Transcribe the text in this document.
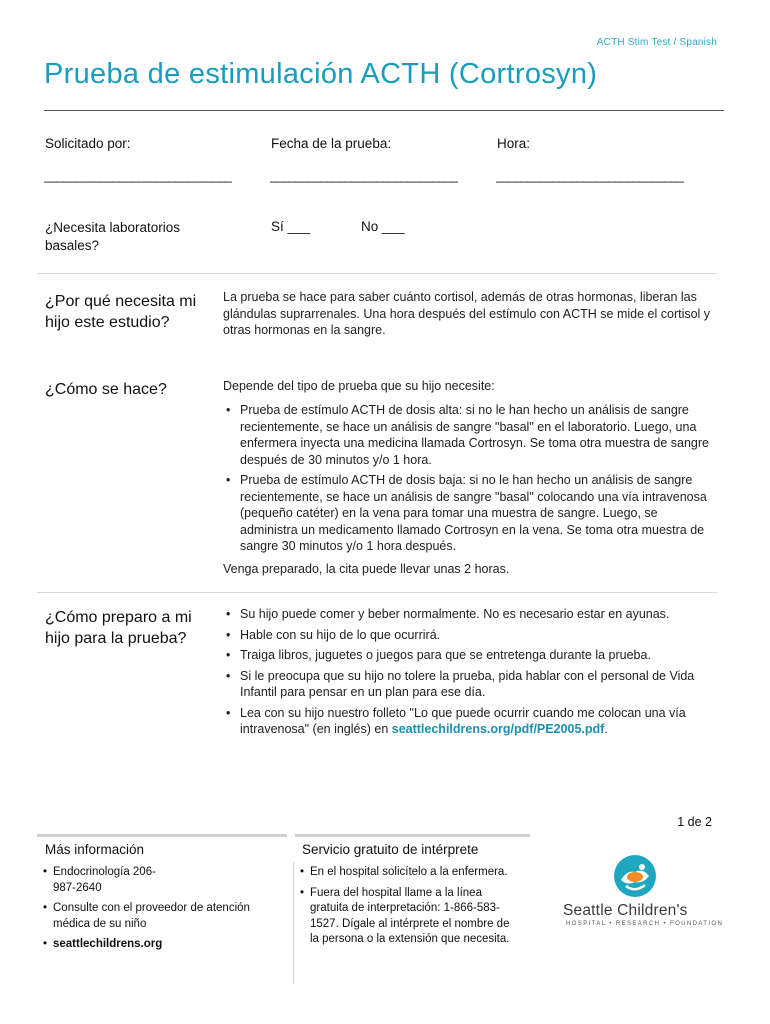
ACTH Stim Test / Spanish
Prueba de estimulación ACTH (Cortrosyn)
Solicitado por:	Fecha de la prueba:	Hora:
______________________________	______________________________	______________________________
¿Necesita laboratorios basales?
Sí ___	No ___
¿Por qué necesita mi hijo este estudio?
La prueba se hace para saber cuánto cortisol, además de otras hormonas, liberan las glándulas suprarrenales. Una hora después del estímulo con ACTH se mide el cortisol y otras hormonas en la sangre.
¿Cómo se hace?	Depende del tipo de prueba que su hijo necesite:
• Prueba de estímulo ACTH de dosis alta: si no le han hecho un análisis de sangre recientemente, se hace un análisis de sangre "basal" en el laboratorio. Luego, una enfermera inyecta una medicina llamada Cortrosyn. Se toma otra muestra de sangre después de 30 minutos y/o 1 hora.
• Prueba de estímulo ACTH de dosis baja: si no le han hecho un análisis de sangre recientemente, se hace un análisis de sangre "basal" colocando una vía intravenosa (pequeño catéter) en la vena para tomar una muestra de sangre. Luego, se administra un medicamento llamado Cortrosyn en la vena. Se toma otra muestra de sangre 30 minutos y/o 1 hora después.
Venga preparado, la cita puede llevar unas 2 horas.
¿Cómo preparo a mi hijo para la prueba?
• Su hijo puede comer y beber normalmente. No es necesario estar en ayunas.
• Hable con su hijo de lo que ocurrirá.
• Traiga libros, juguetes o juegos para que se entretenga durante la prueba.
• Si le preocupa que su hijo no tolere la prueba, pida hablar con el personal de Vida Infantil para pensar en un plan para ese día.
• Lea con su hijo nuestro folleto "Lo que puede ocurrir cuando me colocan una vía intravenosa" (en inglés) en seattlechildrens.org/pdf/PE2005.pdf.
1 de 2
Más información
• Endocrinología 206-987-2640
• Consulte con el proveedor de atención médica de su niño
• seattlechildrens.org
Servicio gratuito de intérprete
• En el hospital solicítelo a la enfermera.
• Fuera del hospital llame a la línea gratuita de interpretación: 1-866-583-1527. Dígale al intérprete el nombre de la persona o la extensión que necesita.
Seattle Children's
HOSPITAL • RESEARCH • FOUNDATION
